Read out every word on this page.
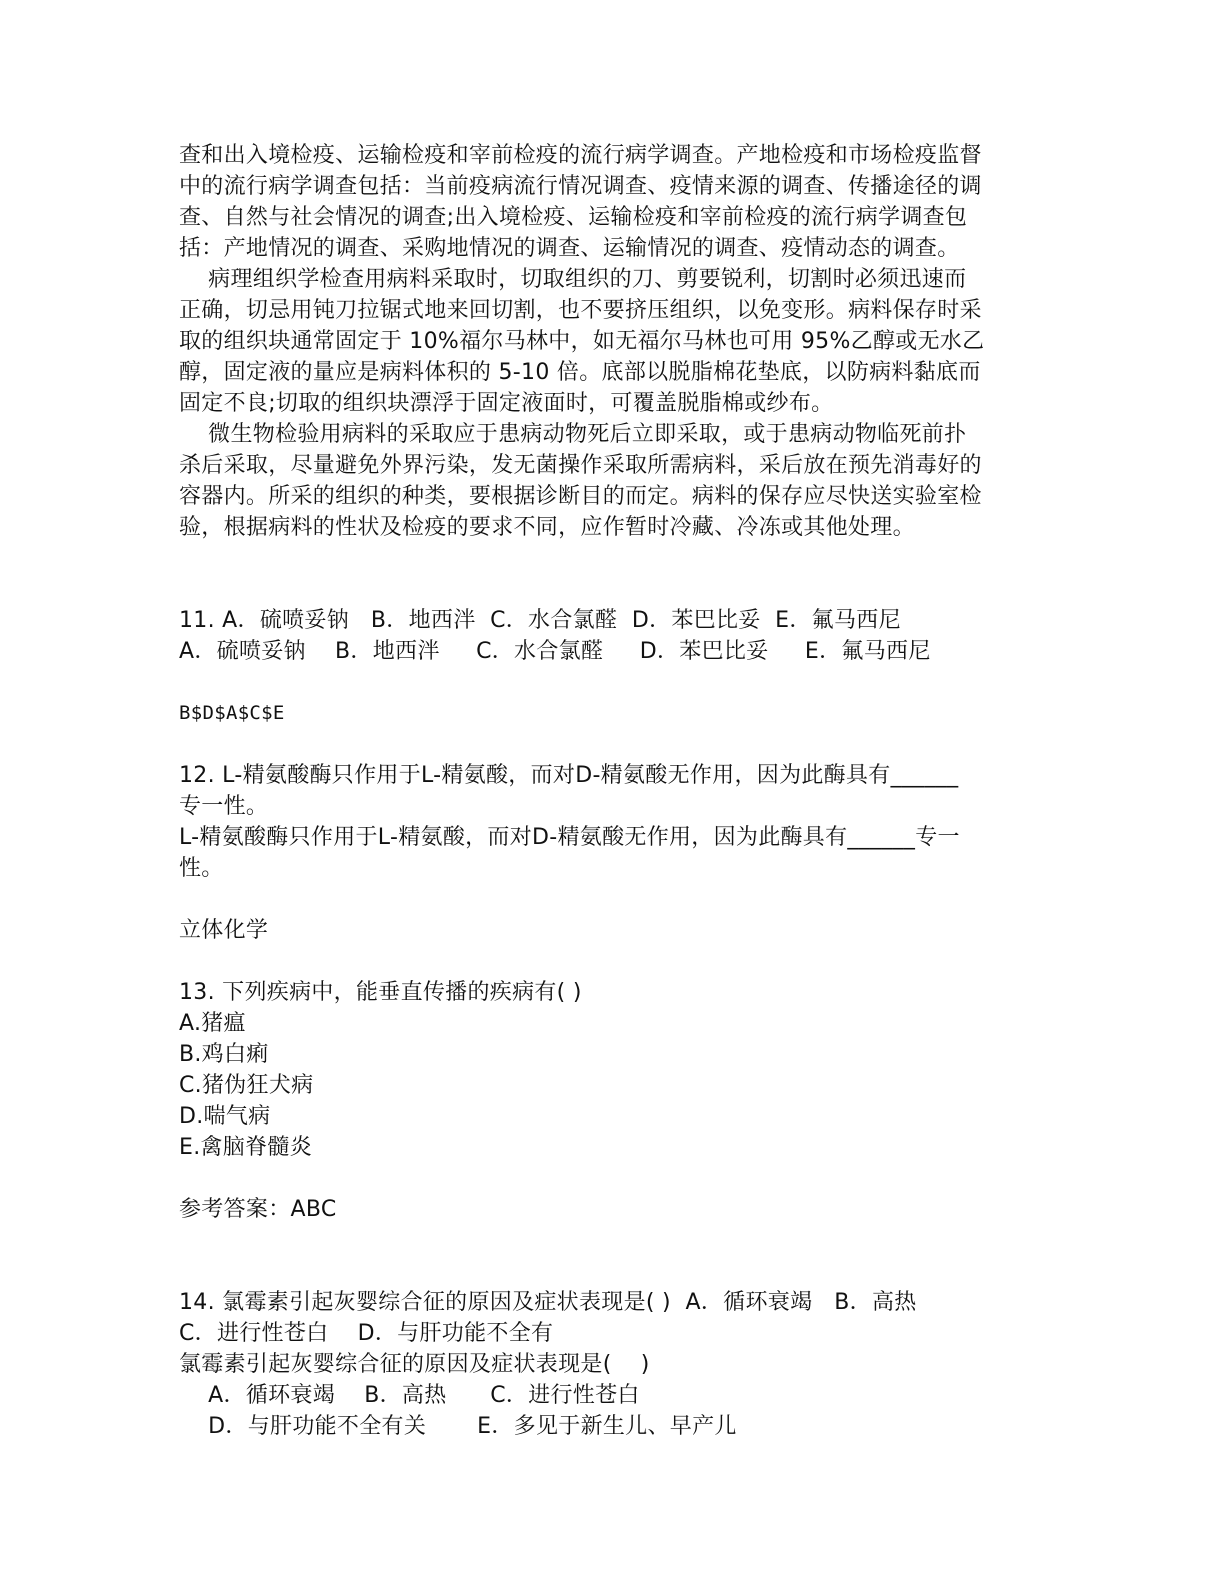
查和出入境检疫、运输检疫和宰前检疫的流行病学调查。产地检疫和市场检疫监督
中的流行病学调查包括：当前疫病流行情况调查、疫情来源的调查、传播途径的调
查、自然与社会情况的调查;出入境检疫、运输检疫和宰前检疫的流行病学调查包
括：产地情况的调查、采购地情况的调查、运输情况的调查、疫情动态的调查。
病理组织学检查用病料采取时，切取组织的刀、剪要锐利，切割时必须迅速而
正确，切忌用钝刀拉锯式地来回切割，也不要挤压组织，以免变形。病料保存时采
取的组织块通常固定于 10%福尔马林中，如无福尔马林也可用 95%乙醇或无水乙
醇，固定液的量应是病料体积的 5-10 倍。底部以脱脂棉花垫底，以防病料黏底而
固定不良;切取的组织块漂浮于固定液面时，可覆盖脱脂棉或纱布。
微生物检验用病料的采取应于患病动物死后立即采取，或于患病动物临死前扑
杀后采取，尽量避免外界污染，发无菌操作采取所需病料，采后放在预先消毒好的
容器内。所采的组织的种类，要根据诊断目的而定。病料的保存应尽快送实验室检
验，根据病料的性状及检疫的要求不同，应作暂时冷藏、冷冻或其他处理。
11. A．硫喷妥钠   B．地西泮  C．水合氯醛  D．苯巴比妥  E．氟马西尼
A．硫喷妥钠    B．地西泮     C．水合氯醛     D．苯巴比妥     E．氟马西尼
B$D$A$C$E
12. L-精氨酸酶只作用于L-精氨酸，而对D-精氨酸无作用，因为此酶具有______
专一性。
L-精氨酸酶只作用于L-精氨酸，而对D-精氨酸无作用，因为此酶具有______专一
性。
立体化学
13. 下列疾病中，能垂直传播的疾病有( )
A.猪瘟
B.鸡白痢
C.猪伪狂犬病
D.喘气病
E.禽脑脊髓炎
参考答案：ABC
14. 氯霉素引起灰婴综合征的原因及症状表现是( )  A．循环衰竭   B．高热
C．进行性苍白    D．与肝功能不全有
氯霉素引起灰婴综合征的原因及症状表现是(    )
A．循环衰竭    B．高热      C．进行性苍白
D．与肝功能不全有关       E．多见于新生儿、早产儿
